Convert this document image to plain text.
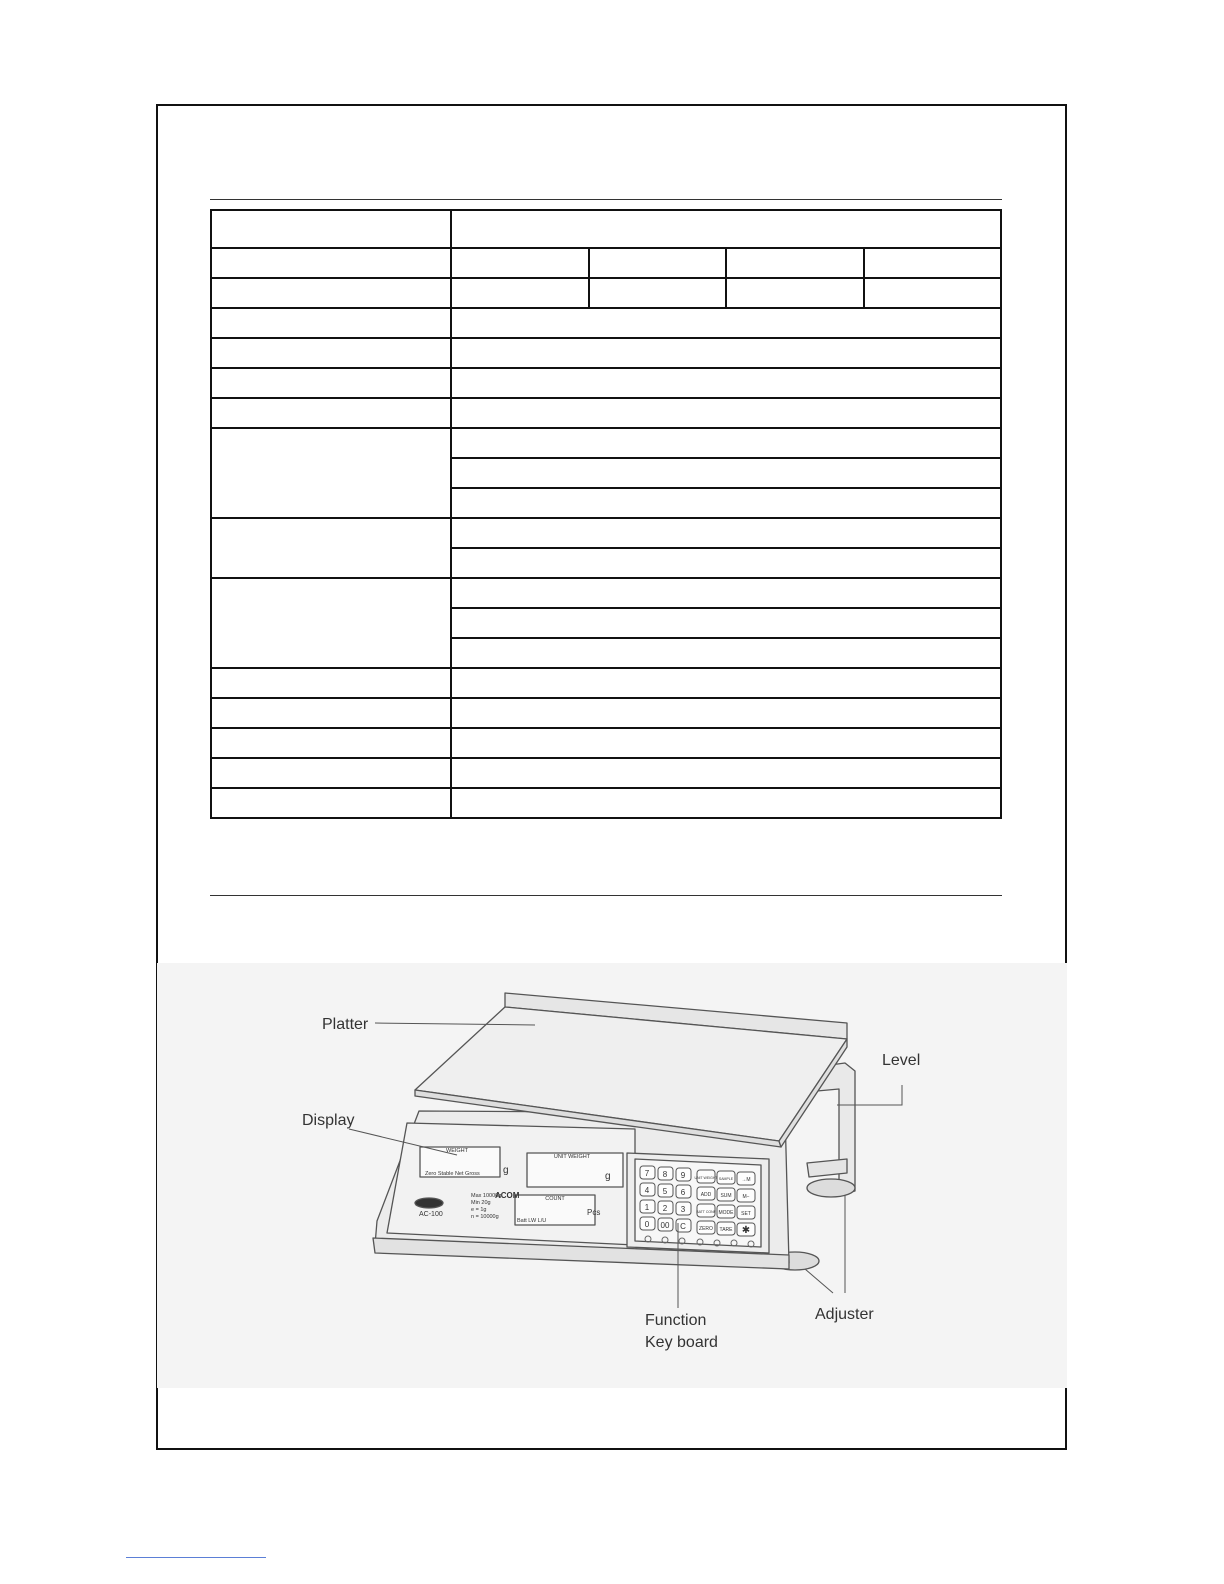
WEIGHT
Zero Stable Net Gross
UNIT WEIGHT
COUNT
Batt LW L/U
Max 10000g
Min 20g
e = 1g
n = 10000g
ACOM
AC-100
g
g
Pcs
7 8 9
4 5 6
1 2 3
0 00 C
UNIT WEIGHT SAMPLE →M
ADD SUM M−
BATT CONF MODE SET
ZERO TARE ✱
Platter
Level
Display
Function
Key board
Adjuster
